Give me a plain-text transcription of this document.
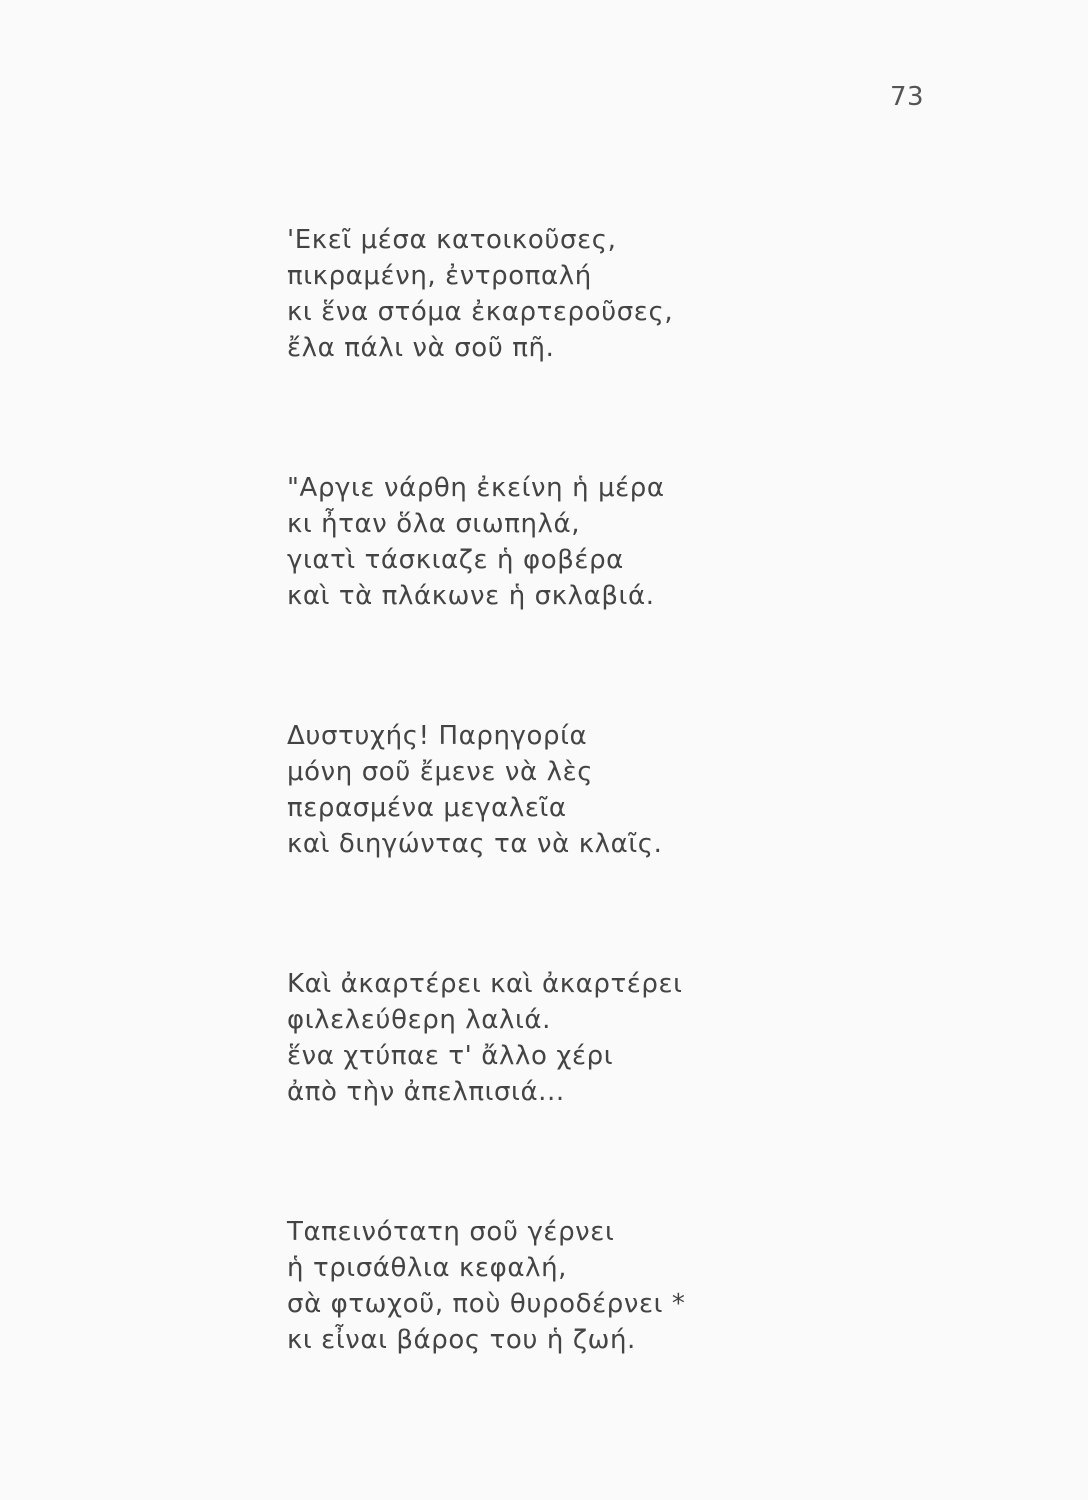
73
'Εκεῖ μέσα κατοικοῦσες,
πικραμένη, ἐντροπαλή
κι ἕνα στόμα ἐκαρτεροῦσες,
ἔλα πάλι νὰ σοῦ πῆ.
"Αργιε νάρθη ἐκείνη ἡ μέρα
κι ἦταν ὅλα σιωπηλά,
γιατὶ τάσκιαζε ἡ φοβέρα
καὶ τὰ πλάκωνε ἡ σκλαβιά.
Δυστυχής! Παρηγορία
μόνη σοῦ ἔμενε νὰ λὲς
περασμένα μεγαλεῖα
καὶ διηγώντας τα νὰ κλαῖς.
Καὶ ἀκαρτέρει καὶ ἀκαρτέρει
φιλελεύθερη λαλιά.
ἕνα χτύπαε τ' ἄλλο χέρι
ἀπὸ τὴν ἀπελπισιά...
Ταπεινότατη σοῦ γέρνει
ἡ τρισάθλια κεφαλή,
σὰ φτωχοῦ, ποὺ θυροδέρνει *
κι εἶναι βάρος του ἡ ζωή.
